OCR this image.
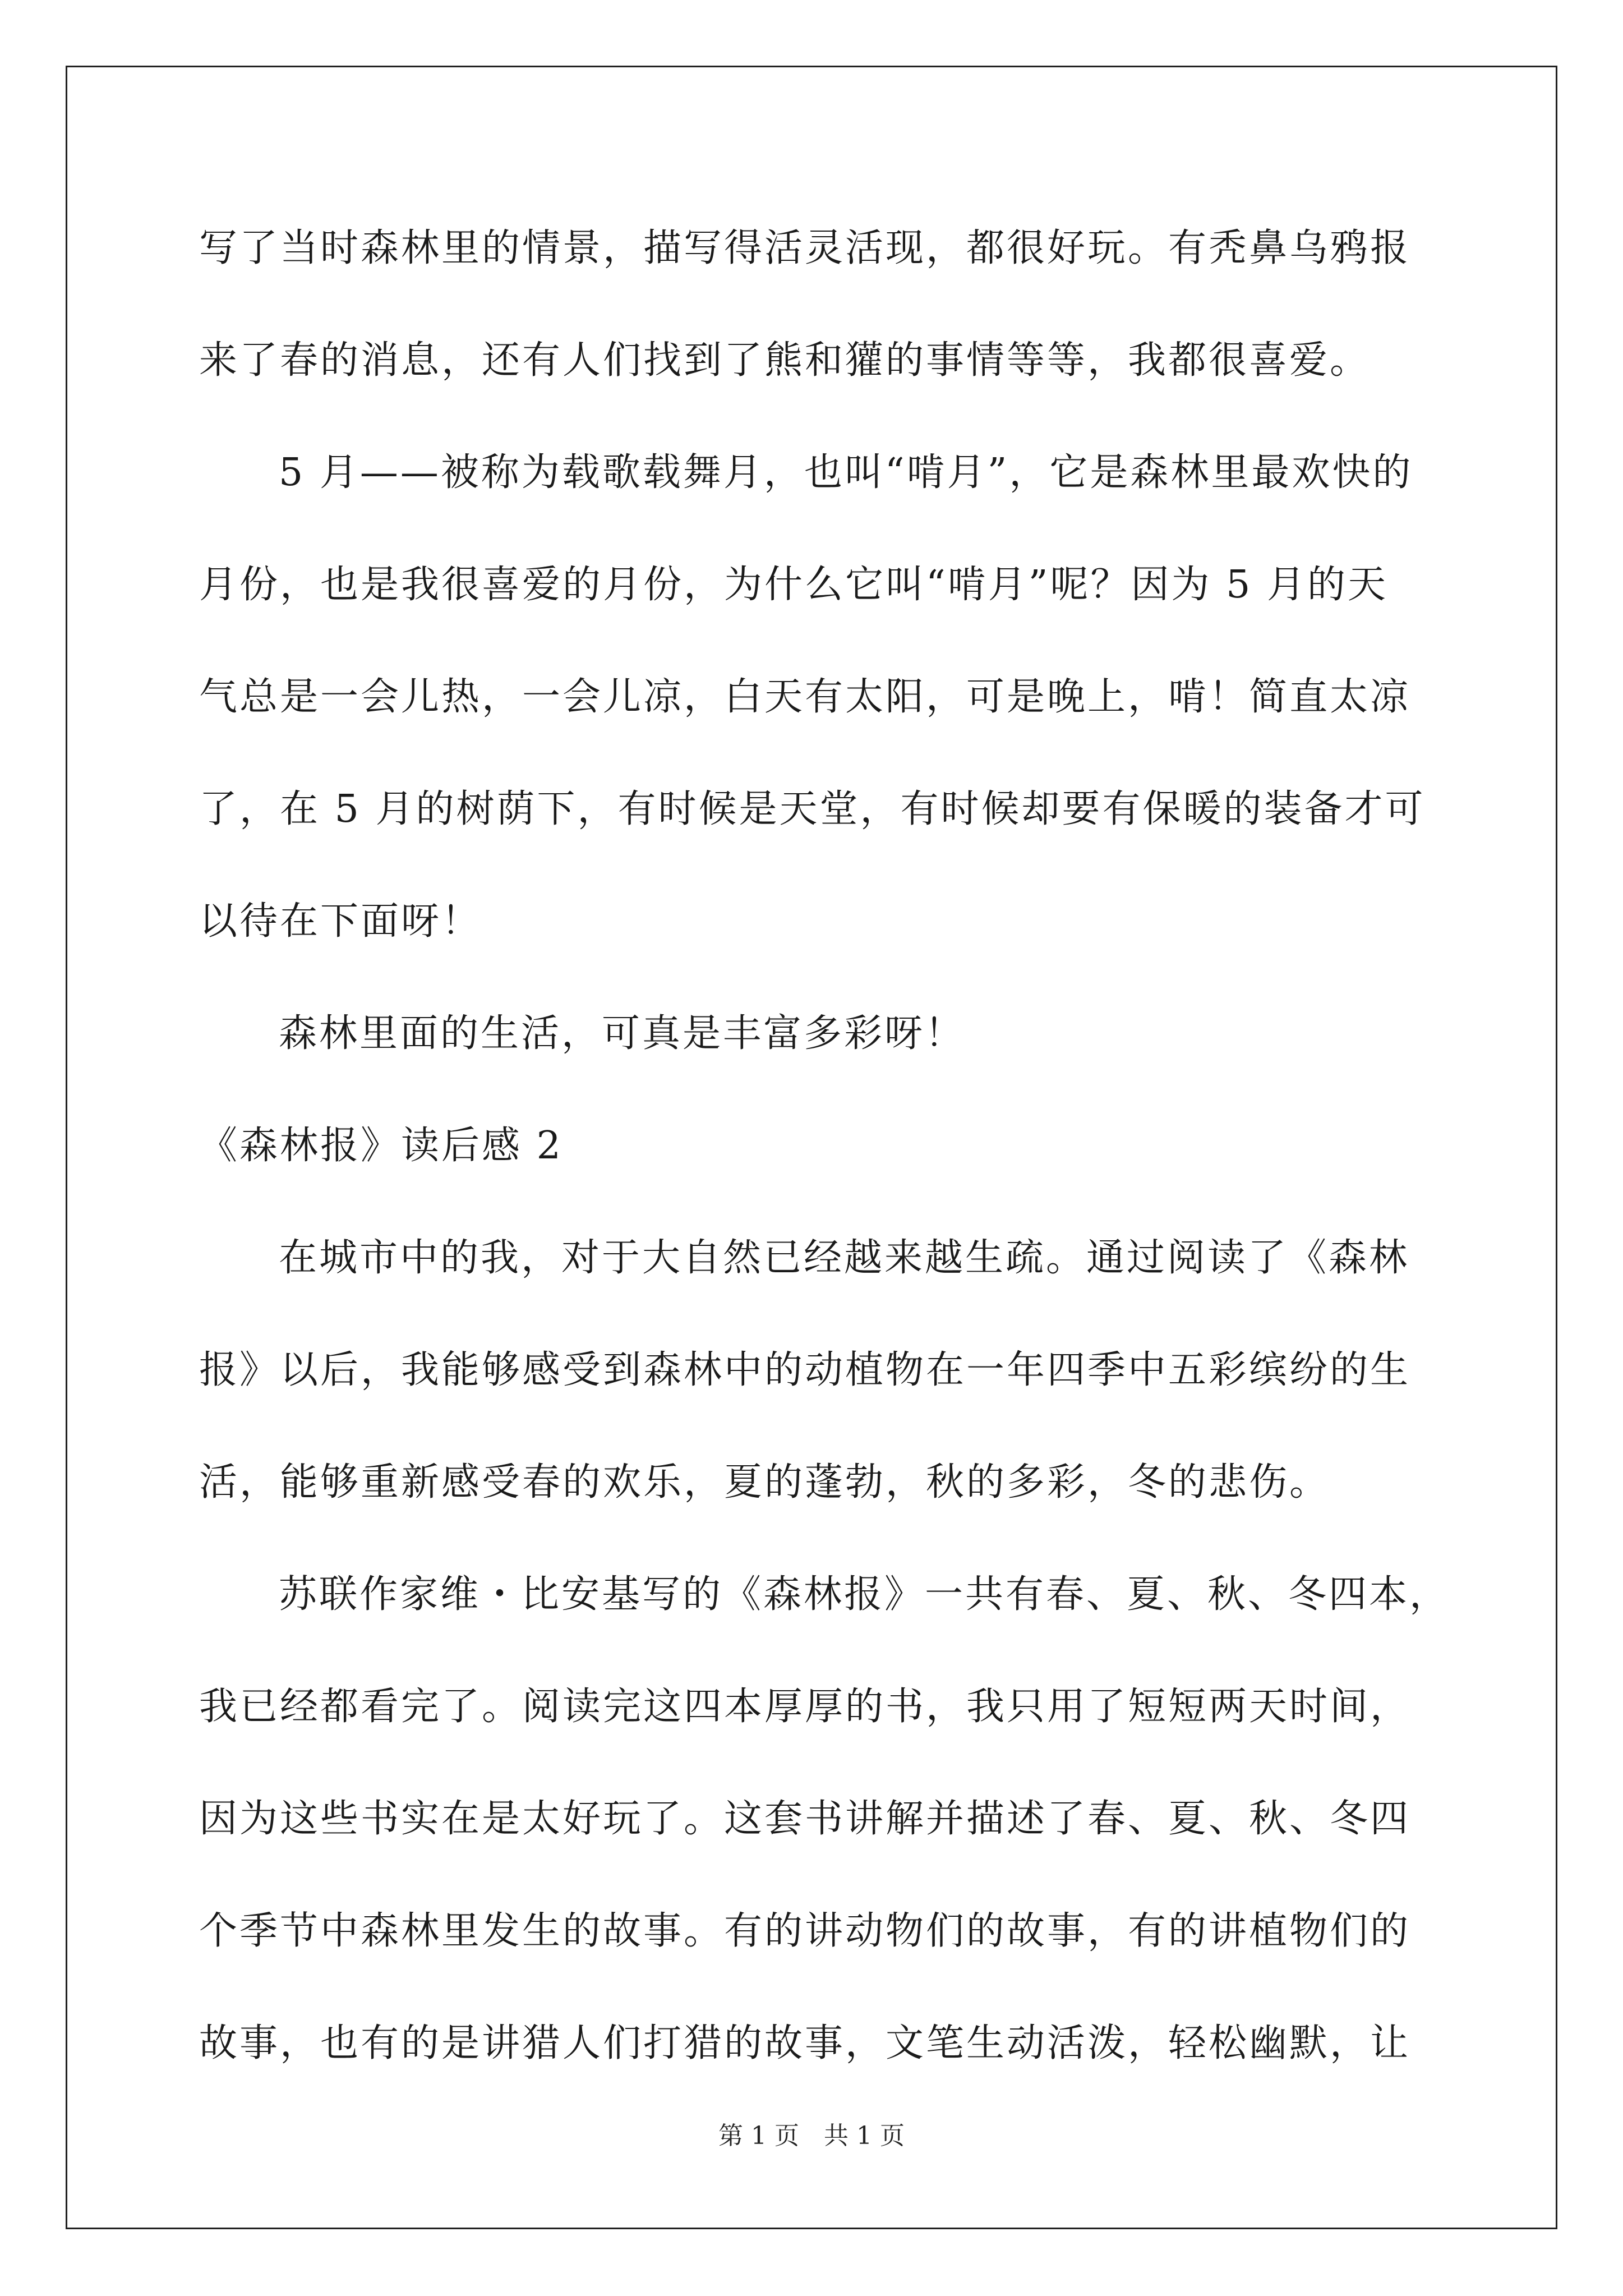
写了当时森林里的情景，描写得活灵活现，都很好玩。有秃鼻乌鸦报
来了春的消息，还有人们找到了熊和獾的事情等等，我都很喜爱。
5 月——被称为载歌载舞月，也叫“啃月”，它是森林里最欢快的
月份，也是我很喜爱的月份，为什么它叫“啃月”呢？因为 5 月的天
气总是一会儿热，一会儿凉，白天有太阳，可是晚上，啃！简直太凉
了，在 5 月的树荫下，有时候是天堂，有时候却要有保暖的装备才可
以待在下面呀！
森林里面的生活，可真是丰富多彩呀！
《森林报》读后感 2
在城市中的我，对于大自然已经越来越生疏。通过阅读了《森林
报》以后，我能够感受到森林中的动植物在一年四季中五彩缤纷的生
活，能够重新感受春的欢乐，夏的蓬勃，秋的多彩，冬的悲伤。
苏联作家维・比安基写的《森林报》一共有春、夏、秋、冬四本，
我已经都看完了。阅读完这四本厚厚的书，我只用了短短两天时间，
因为这些书实在是太好玩了。这套书讲解并描述了春、夏、秋、冬四
个季节中森林里发生的故事。有的讲动物们的故事，有的讲植物们的
故事，也有的是讲猎人们打猎的故事，文笔生动活泼，轻松幽默，让
第 1 页　共 1 页
